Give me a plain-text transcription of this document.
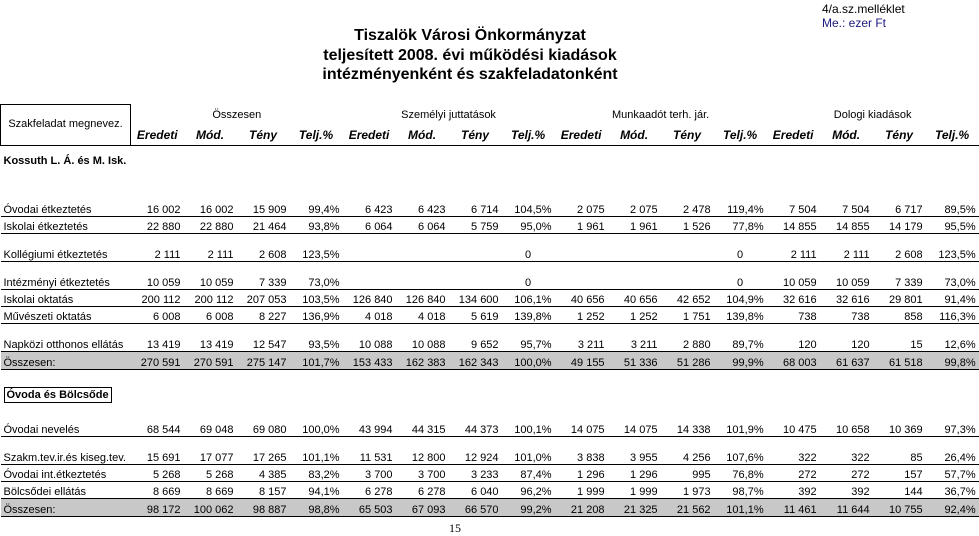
Tiszalök Városi Önkormányzat
teljesített 2008. évi működési kiadások
intézményenként és szakfeladatonként
4/a.sz.melléklet
Me.: ezer Ft
Szakfeladat megnevez.	Összesen				Személyi juttatások				Munkaadót terh. jár.				Dologi kiadások			
	Eredeti	Mód.	Tény	Telj.%	Eredeti	Mód.	Tény	Telj.%	Eredeti	Mód.	Tény	Telj.%	Eredeti	Mód.	Tény	Telj.%
Kossuth L. Á. és M. Isk.																
Óvodai étkeztetés	16 002	16 002	15 909	99,4%	6 423	6 423	6 714	104,5%	2 075	2 075	2 478	119,4%	7 504	7 504	6 717	89,5%
Iskolai étkeztetés	22 880	22 880	21 464	93,8%	6 064	6 064	5 759	95,0%	1 961	1 961	1 526	77,8%	14 855	14 855	14 179	95,5%
Kollégiumi étkeztetés	2 111	2 111	2 608	123,5%				0				0	2 111	2 111	2 608	123,5%
Intézményi étkeztetés	10 059	10 059	7 339	73,0%				0				0	10 059	10 059	7 339	73,0%
Iskolai oktatás	200 112	200 112	207 053	103,5%	126 840	126 840	134 600	106,1%	40 656	40 656	42 652	104,9%	32 616	32 616	29 801	91,4%
Művészeti oktatás	6 008	6 008	8 227	136,9%	4 018	4 018	5 619	139,8%	1 252	1 252	1 751	139,8%	738	738	858	116,3%
Napközi otthonos ellátás	13 419	13 419	12 547	93,5%	10 088	10 088	9 652	95,7%	3 211	3 211	2 880	89,7%	120	120	15	12,6%
Összesen:	270 591	270 591	275 147	101,7%	153 433	162 383	162 343	100,0%	49 155	51 336	51 286	99,9%	68 003	61 637	61 518	99,8%
Óvoda és Bölcsőde																
Óvodai nevelés	68 544	69 048	69 080	100,0%	43 994	44 315	44 373	100,1%	14 075	14 075	14 338	101,9%	10 475	10 658	10 369	97,3%
Szakm.tev.ir.és kiseg.tev.	15 691	17 077	17 265	101,1%	11 531	12 800	12 924	101,0%	3 838	3 955	4 256	107,6%	322	322	85	26,4%
Óvodai int.étkeztetés	5 268	5 268	4 385	83,2%	3 700	3 700	3 233	87,4%	1 296	1 296	995	76,8%	272	272	157	57,7%
Bölcsődei ellátás	8 669	8 669	8 157	94,1%	6 278	6 278	6 040	96,2%	1 999	1 999	1 973	98,7%	392	392	144	36,7%
Összesen:	98 172	100 062	98 887	98,8%	65 503	67 093	66 570	99,2%	21 208	21 325	21 562	101,1%	11 461	11 644	10 755	92,4%
15
